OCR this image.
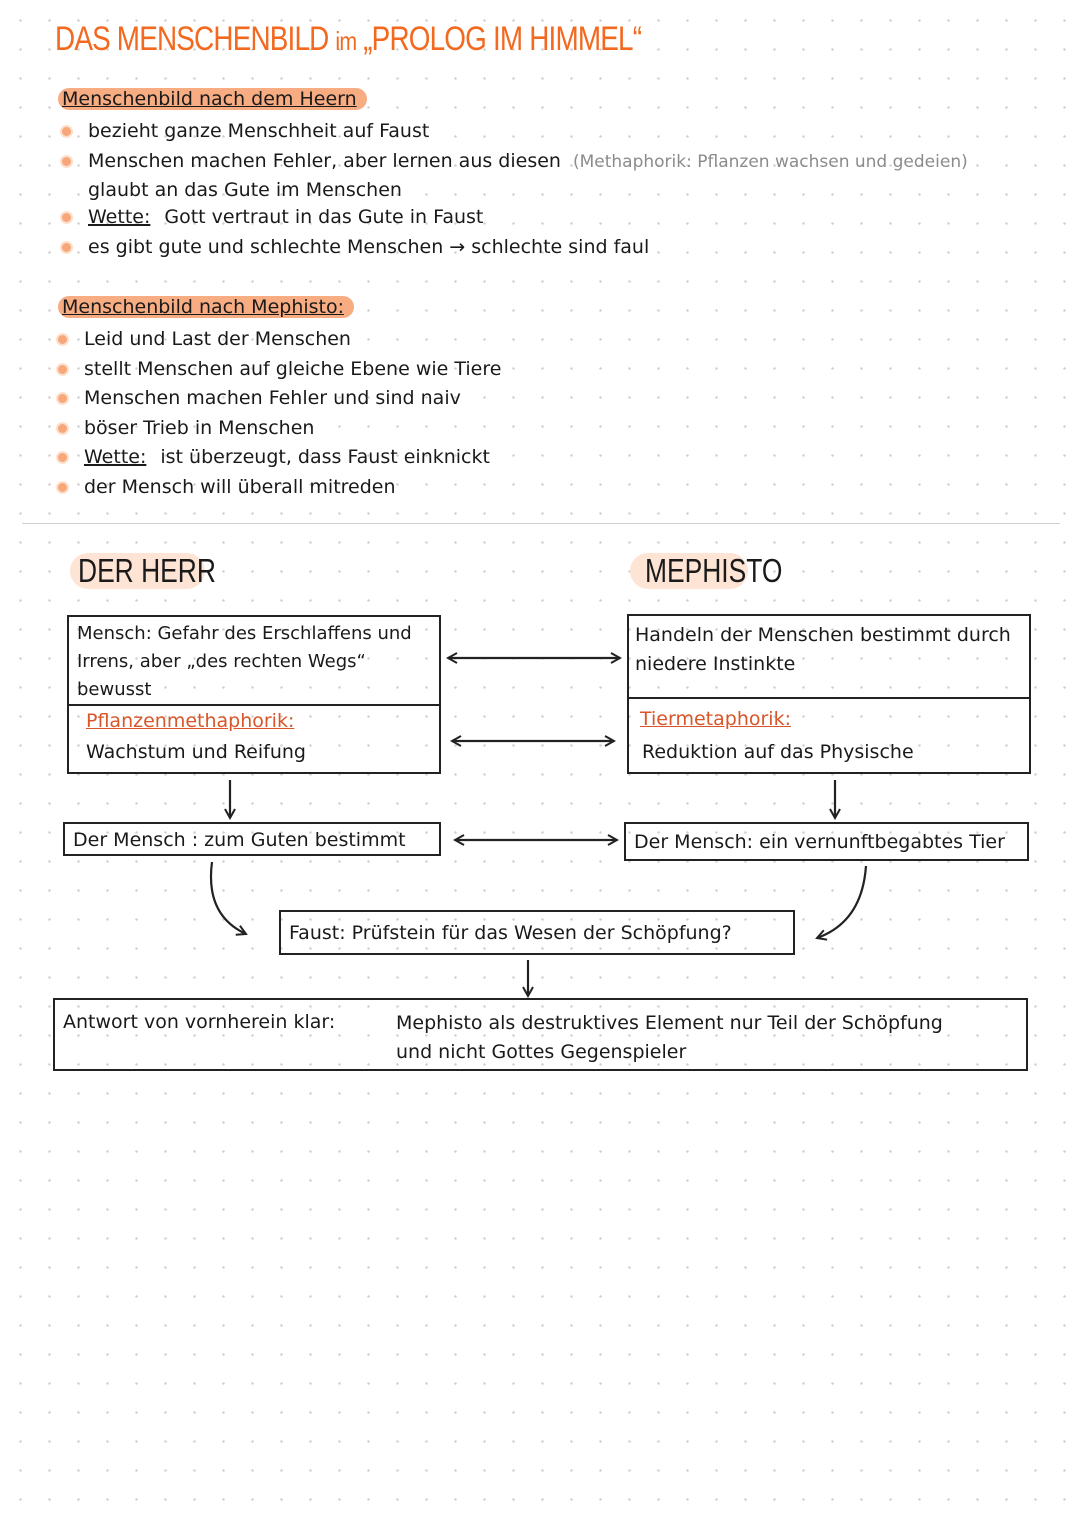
DAS MENSCHENBILD im „PROLOG IM HIMMEL“
Menschenbild nach dem Heern
bezieht ganze Menschheit auf Faust
Menschen machen Fehler, aber lernen aus diesen (Methaphorik: Pflanzen wachsen und gedeien)
glaubt an das Gute im Menschen
Wette: Gott vertraut in das Gute in Faust
es gibt gute und schlechte Menschen → schlechte sind faul
Menschenbild nach Mephisto:
Leid und Last der Menschen
stellt Menschen auf gleiche Ebene wie Tiere
Menschen machen Fehler und sind naiv
böser Trieb in Menschen
Wette: ist überzeugt, dass Faust einknickt
der Mensch will überall mitreden
DER HERR	MEPHISTO
Mensch: Gefahr des Erschlaffens und Irrens, aber „des rechten Wegs“ bewusst
Pflanzenmethaphorik:
Wachstum und Reifung
Handeln der Menschen bestimmt durch niedere Instinkte
Tiermetaphorik:
Reduktion auf das Physische
Der Mensch : zum Guten bestimmt	Der Mensch: ein vernunftbegabtes Tier
Faust: Prüfstein für das Wesen der Schöpfung?
Antwort von vornherein klar:	Mephisto als destruktives Element nur Teil der Schöpfung
und nicht Gottes Gegenspieler
